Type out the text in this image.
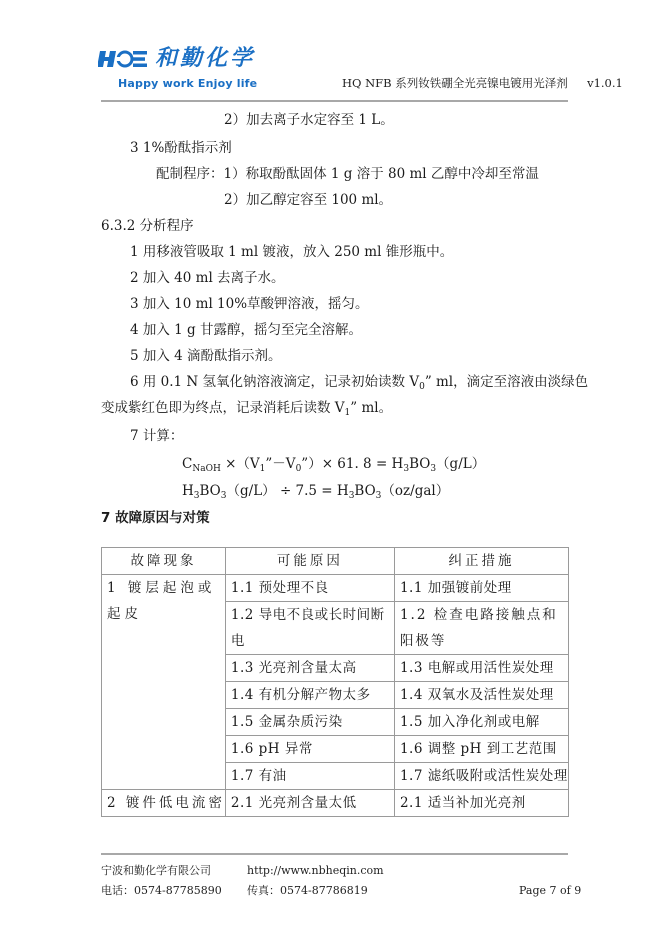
和勤化学
Happy work Enjoy life	HQ NFB 系列钕铁硼全光亮镍电镀用光泽剂 v1.0.1
2）加去离子水定容至 1 L。
3 1%酚酞指示剂
配制程序：1）称取酚酞固体 1 g 溶于 80 ml 乙醇中冷却至常温
2）加乙醇定容至 100 ml。
6.3.2 分析程序
1 用移液管吸取 1 ml 镀液，放入 250 ml 锥形瓶中。
2 加入 40 ml 去离子水。
3 加入 10 ml 10%草酸钾溶液，摇匀。
4 加入 1 g 甘露醇，摇匀至完全溶解。
5 加入 4 滴酚酞指示剂。
6 用 0.1 N 氢氧化钠溶液滴定，记录初始读数 $V_0$” ml，滴定至溶液由淡绿色
变成紫红色即为终点，记录消耗后读数 $V_1$” ml。
7 计算：
$C_{NaOH}$ $\times(V_1”-V_0”)\times 61$. $8 = H_3BO_3(g/L)$
$H_3BO_3(g/L) \div 7.5 = H_3BO_3(oz/gal)$
7 故障原因与对策
故障现象	可能原因	纠正措施
1 镀层起泡或起皮	1.1 预处理不良	1.1 加强镀前处理
	1.2 导电不良或长时间断电	1.2 检查电路接触点和阳极等
	1.3 光亮剂含量太高	1.3 电解或用活性炭处理
	1.4 有机分解产物太多	1.4 双氧水及活性炭处理
	1.5 金属杂质污染	1.5 加入净化剂或电解
	1.6 pH 异常	1.6 调整 pH 到工艺范围
	1.7 有油	1.7 滤纸吸附或活性炭处理
2 镀件低电流密	2.1 光亮剂含量太低	2.1 适当补加光亮剂
宁波和勤化学有限公司	http://www.nbheqin.com
电话：0574-87785890 传真：0574-87786819	Page 7 of 9
